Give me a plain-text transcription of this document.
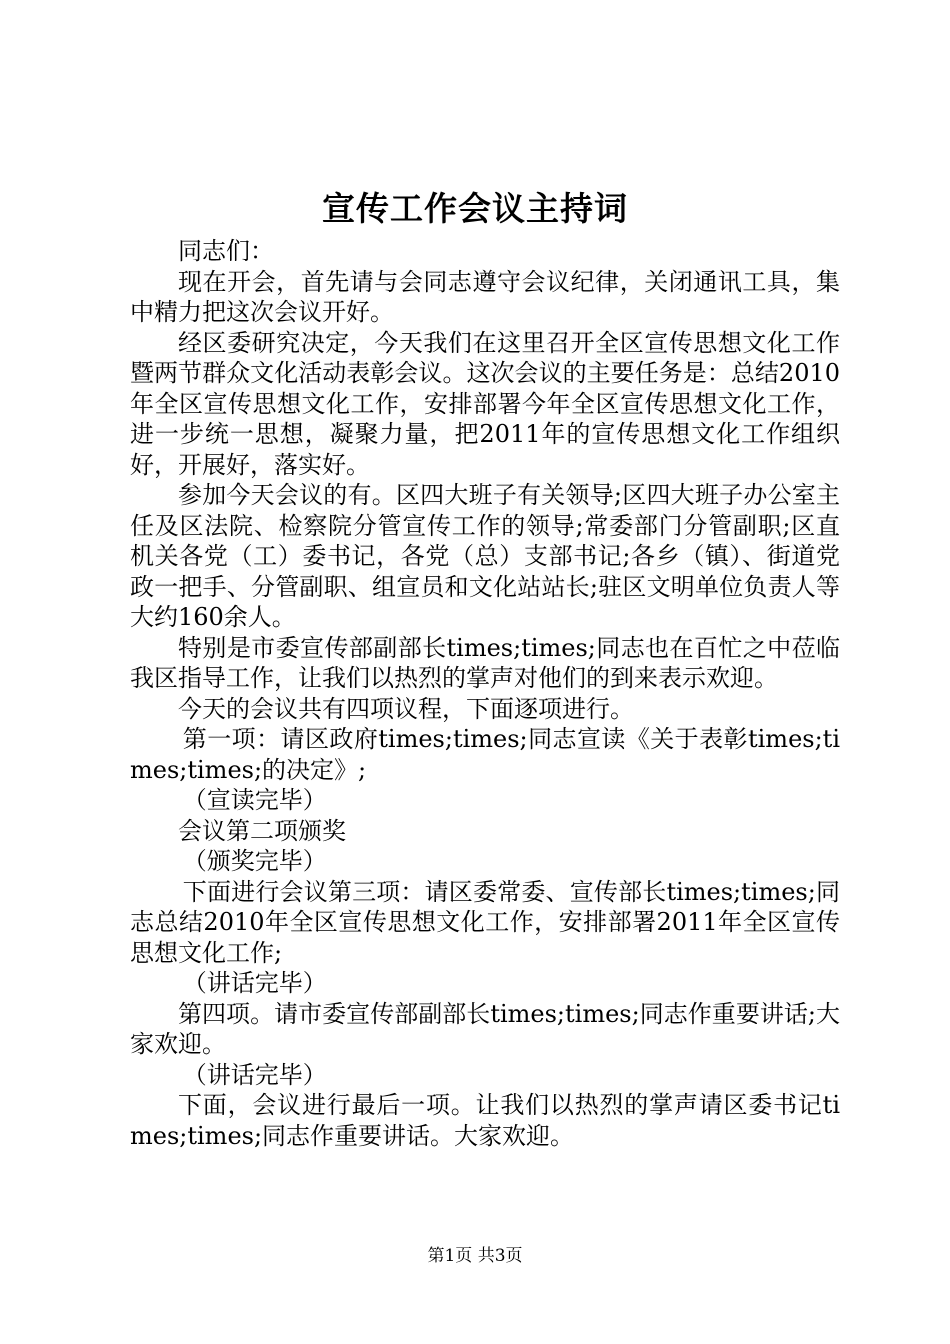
宣传工作会议主持词

同志们：

现在开会，首先请与会同志遵守会议纪律，关闭通讯工具，集中精力把这次会议开好。

经区委研究决定，今天我们在这里召开全区宣传思想文化工作暨两节群众文化活动表彰会议。这次会议的主要任务是：总结2010年全区宣传思想文化工作，安排部署今年全区宣传思想文化工作，进一步统一思想，凝聚力量，把2011年的宣传思想文化工作组织好，开展好，落实好。

参加今天会议的有。区四大班子有关领导;区四大班子办公室主任及区法院、检察院分管宣传工作的领导;常委部门分管副职;区直机关各党（工）委书记，各党（总）支部书记;各乡（镇）、街道党政一把手、分管副职、组宣员和文化站站长;驻区文明单位负责人等大约160余人。

特别是市委宣传部副部长times;times;同志也在百忙之中莅临我区指导工作，让我们以热烈的掌声对他们的到来表示欢迎。

今天的会议共有四项议程，下面逐项进行。

第一项：请区政府times;times;同志宣读《关于表彰times;times;times;的决定》;

（宣读完毕）

会议第二项颁奖

（颁奖完毕）

下面进行会议第三项：请区委常委、宣传部长times;times;同志总结2010年全区宣传思想文化工作，安排部署2011年全区宣传思想文化工作;

（讲话完毕）

第四项。请市委宣传部副部长times;times;同志作重要讲话;大家欢迎。

（讲话完毕）

下面，会议进行最后一项。让我们以热烈的掌声请区委书记times;times;同志作重要讲话。大家欢迎。

第1页 共3页
